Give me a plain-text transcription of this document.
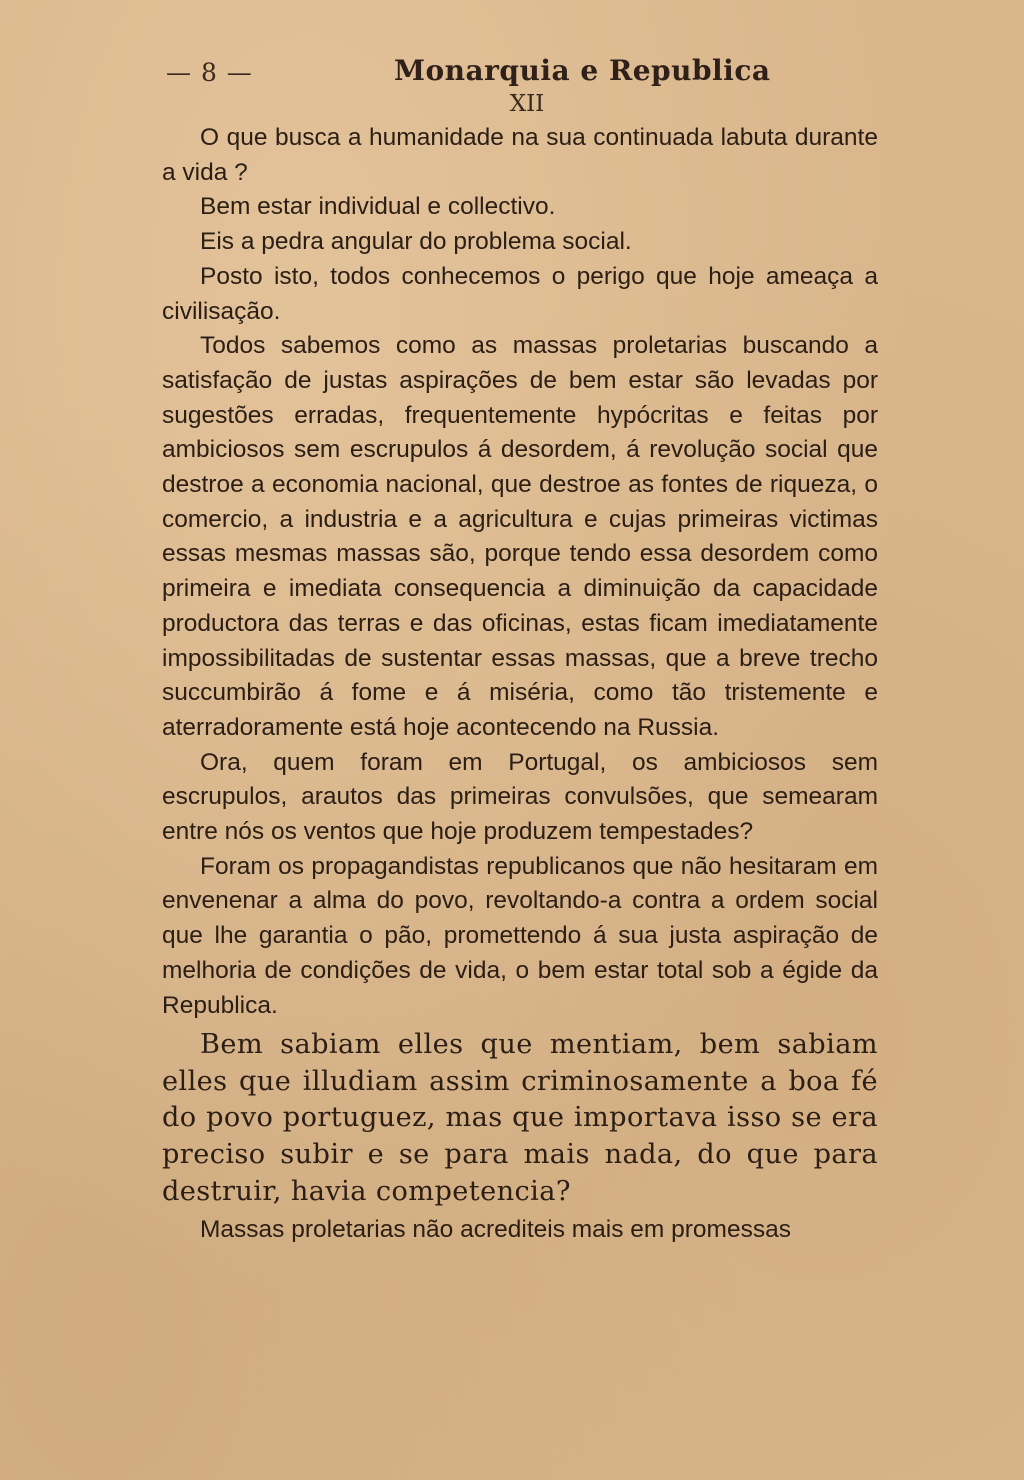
— 8 —	Monarquia e Republica
XII

O que busca a humanidade na sua continuada labuta durante a vida ?

Bem estar individual e collectivo.

Eis a pedra angular do problema social.

Posto isto, todos conhecemos o perigo que hoje ameaça a civilisação.

Todos sabemos como as massas proletarias buscando a satisfação de justas aspirações de bem estar são levadas por sugestões erradas, frequentemente hypócritas e feitas por ambiciosos sem escrupulos á desordem, á revolução social que destroe a economia nacional, que destroe as fontes de riqueza, o comercio, a industria e a agricultura e cujas primeiras victimas essas mesmas massas são, porque tendo essa desordem como primeira e imediata consequencia a diminuição da capacidade productora das terras e das oficinas, estas ficam imediatamente impossibilitadas de sustentar essas massas, que a breve trecho succumbirão á fome e á miséria, como tão tristemente e aterradoramente está hoje acontecendo na Russia.

Ora, quem foram em Portugal, os ambiciosos sem escrupulos, arautos das primeiras convulsões, que semearam entre nós os ventos que hoje produzem tempestades?

Foram os propagandistas republicanos que não hesitaram em envenenar a alma do povo, revoltando-a contra a ordem social que lhe garantia o pão, promettendo á sua justa aspiração de melhoria de condições de vida, o bem estar total sob a égide da Republica.

Bem sabiam elles que mentiam, bem sabiam elles que illudiam assim criminosamente a boa fé do povo portuguez, mas que importava isso se era preciso subir e se para mais nada, do que para destruir, havia competencia?

Massas proletarias não acrediteis mais em promessas
